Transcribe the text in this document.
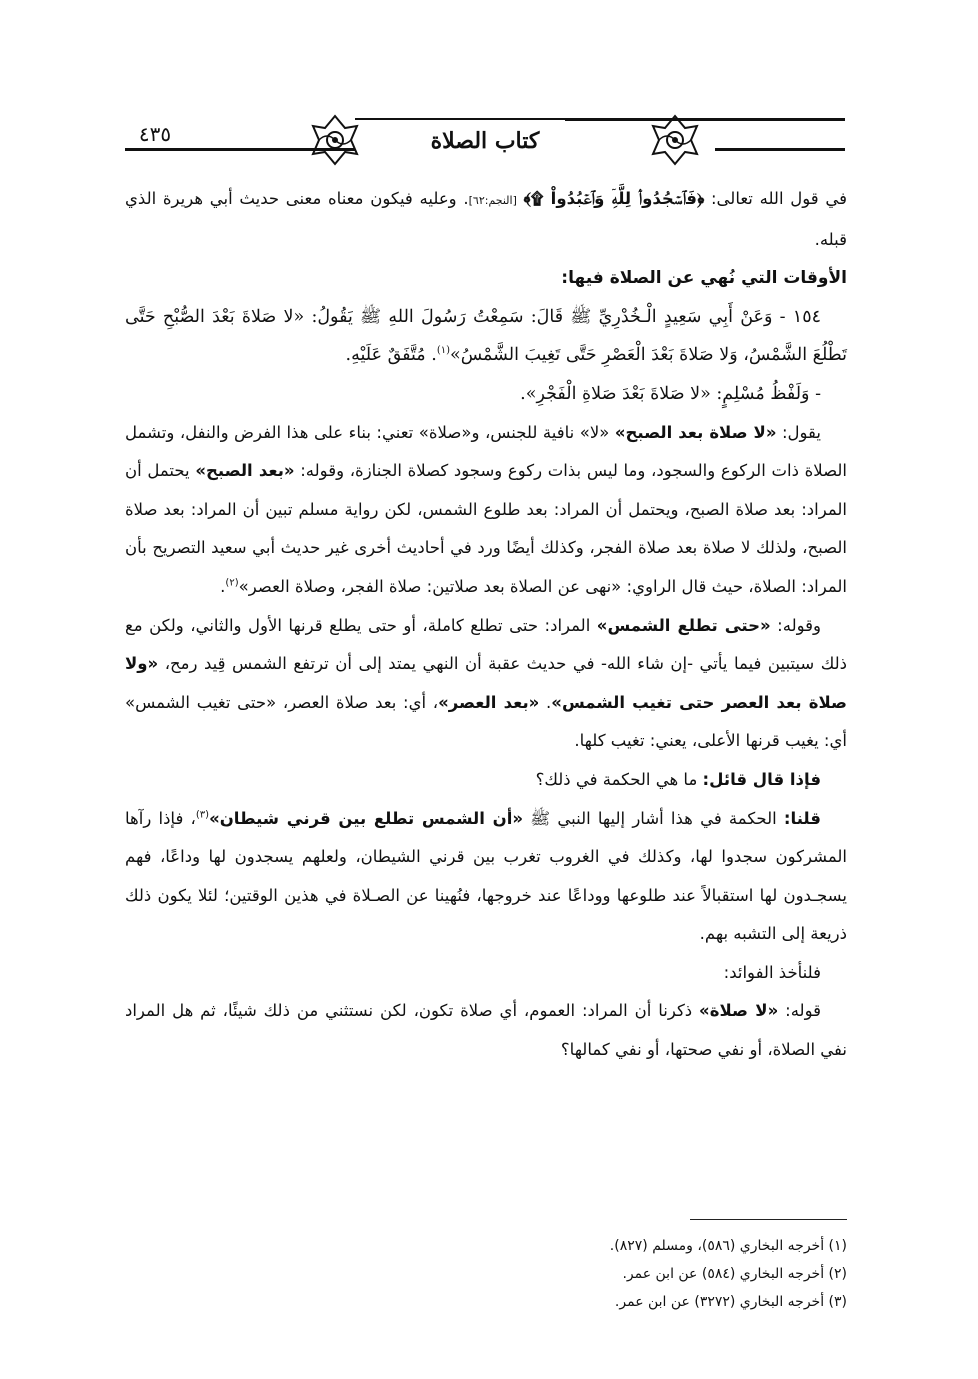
٤٣٥	كتاب الصلاة

في قول الله تعالى: ﴿فَٱسۡجُدُواْۤ لِلَّهِۤ وَٱعۡبُدُواْ ۩﴾ [النجم:٦٢]. وعليه فيكون معناه معنى حديث أبي هريرة الذي قبله.

الأوقات التي نُهي عن الصلاة فيها:

١٥٤ - وَعَنْ أَبِي سَعِيدٍ الْـخُدْرِيِّ ﷺ قَالَ: سَمِعْتُ رَسُولَ اللهِ ﷺ يَقُولُ: «لا صَلاةَ بَعْدَ الصُّبْحِ حَتَّى تَطْلُعَ الشَّمْسُ، وَلا صَلاةَ بَعْدَ الْعَصْرِ حَتَّى تَغِيبَ الشَّمْسُ»$^{(١)}$. مُتَّفَقٌ عَلَيْهِ.

- وَلَفْظُ مُسْلِمٍ: «لا صَلاةَ بَعْدَ صَلاةِ الْفَجْرِ».

يقول: «لا صلاة بعد الصبح» «لا» نافية للجنس، و«صلاة» تعني: بناء على هذا الفرض والنفل، وتشمل الصلاة ذات الركوع والسجود، وما ليس بذات ركوع وسجود كصلاة الجنازة، وقوله: «بعد الصبح» يحتمل أن المراد: بعد صلاة الصبح، ويحتمل أن المراد: بعد طلوع الشمس، لكن رواية مسلم تبين أن المراد: بعد صلاة الصبح، ولذلك لا صلاة بعد صلاة الفجر، وكذلك أيضًا ورد في أحاديث أخرى غير حديث أبي سعيد التصريح بأن المراد: الصلاة، حيث قال الراوي: «نهى عن الصلاة بعد صلاتين: صلاة الفجر، وصلاة العصر»$^{(٢)}$.

وقوله: «حتى تطلع الشمس» المراد: حتى تطلع كاملة، أو حتى يطلع قرنها الأول والثاني، ولكن مع ذلك سيتبين فيما يأتي -إن شاء الله- في حديث عقبة أن النهي يمتد إلى أن ترتفع الشمس قِيد رمح، «ولا صلاة بعد العصر حتى تغيب الشمس». «بعد العصر»، أي: بعد صلاة العصر، «حتى تغيب الشمس» أي: يغيب قرنها الأعلى، يعني: تغيب كلها.

فإذا قال قائل: ما هي الحكمة في ذلك؟

قلنا: الحكمة في هذا أشار إليها النبي ﷺ «أن الشمس تطلع بين قرني شيطان»$^{(٣)}$، فإذا رآها المشركون سجدوا لها، وكذلك في الغروب تغرب بين قرني الشيطان، ولعلهم يسجدون لها وداعًا، فهم يسجـدون لها استقبالاً عند طلوعها ووداعًا عند خروجها، فنُهينا عن الصـلاة في هذين الوقتين؛ لئلا يكون ذلك ذريعة إلى التشبه بهم.

فلنأخذ الفوائد:

قوله: «لا صلاة» ذكرنا أن المراد: العموم، أي صلاة تكون، لكن نستثني من ذلك شيئًا، ثم هل المراد نفي الصلاة، أو نفي صحتها، أو نفي كمالها؟

(١) أخرجه البخاري (٥٨٦)، ومسلم (٨٢٧).
(٢) أخرجه البخاري (٥٨٤) عن ابن عمر.
(٣) أخرجه البخاري (٣٢٧٢) عن ابن عمر.
